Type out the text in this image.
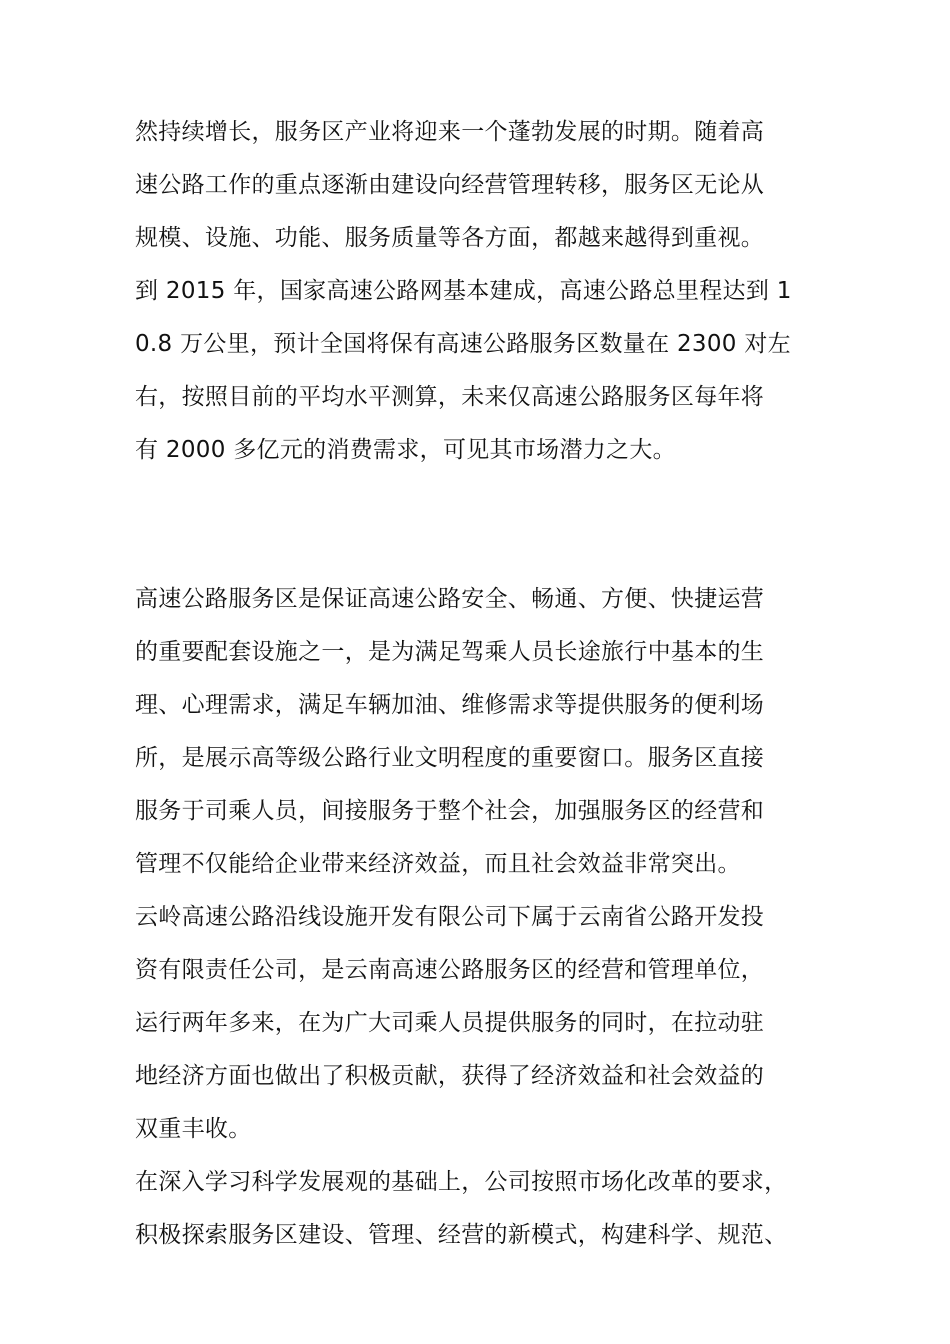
然持续增长，服务区产业将迎来一个蓬勃发展的时期。随着高
速公路工作的重点逐渐由建设向经营管理转移，服务区无论从
规模、设施、功能、服务质量等各方面，都越来越得到重视。
到 2015 年，国家高速公路网基本建成，高速公路总里程达到 1
0.8 万公里，预计全国将保有高速公路服务区数量在 2300 对左
右，按照目前的平均水平测算，未来仅高速公路服务区每年将
有 2000 多亿元的消费需求，可见其市场潜力之大。
高速公路服务区是保证高速公路安全、畅通、方便、快捷运营
的重要配套设施之一，是为满足驾乘人员长途旅行中基本的生
理、心理需求，满足车辆加油、维修需求等提供服务的便利场
所，是展示高等级公路行业文明程度的重要窗口。服务区直接
服务于司乘人员，间接服务于整个社会，加强服务区的经营和
管理不仅能给企业带来经济效益，而且社会效益非常突出。
云岭高速公路沿线设施开发有限公司下属于云南省公路开发投
资有限责任公司，是云南高速公路服务区的经营和管理单位，
运行两年多来，在为广大司乘人员提供服务的同时，在拉动驻
地经济方面也做出了积极贡献，获得了经济效益和社会效益的
双重丰收。
在深入学习科学发展观的基础上，公司按照市场化改革的要求，
积极探索服务区建设、管理、经营的新模式，构建科学、规范、
